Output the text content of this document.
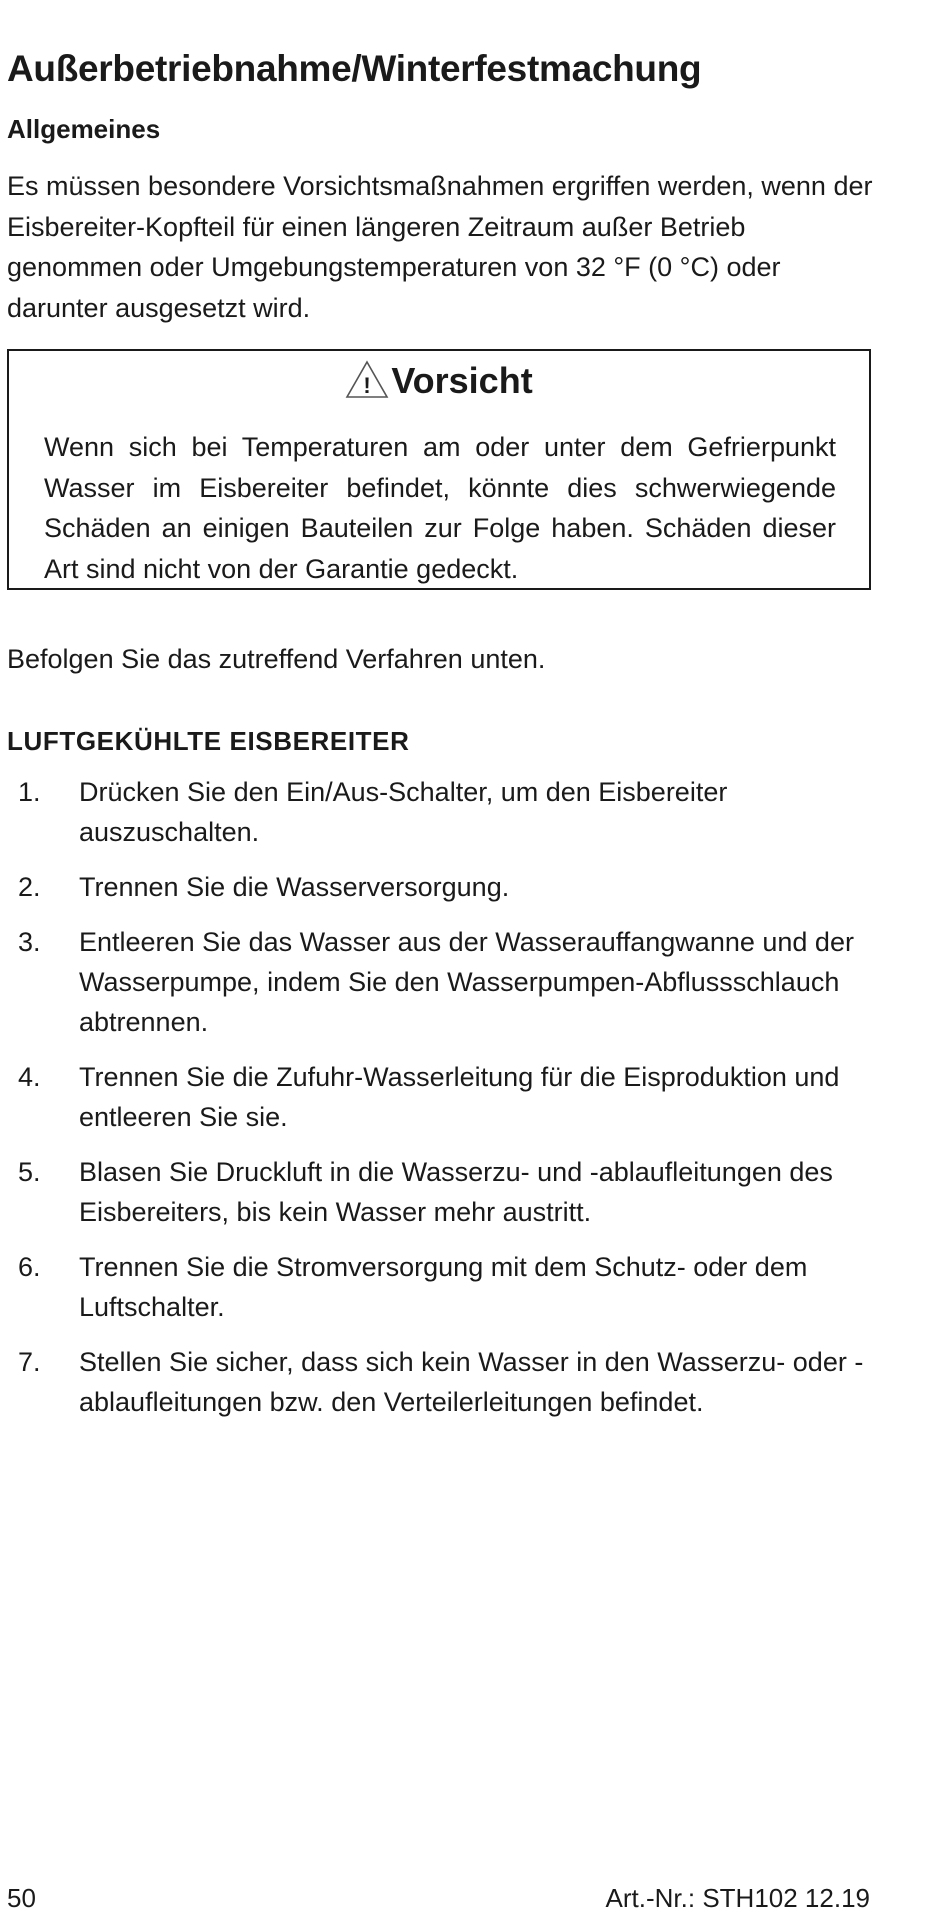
Außerbetriebnahme/Winterfestmachung
Allgemeines
Es müssen besondere Vorsichtsmaßnahmen ergriffen werden, wenn der Eisbereiter-Kopfteil für einen längeren Zeitraum außer Betrieb genommen oder Umgebungstemperaturen von 32 °F (0 °C) oder darunter ausgesetzt wird.
! Vorsicht
Wenn sich bei Temperaturen am oder unter dem Gefrierpunkt Wasser im Eisbereiter befindet, könnte dies schwerwiegende Schäden an einigen Bauteilen zur Folge haben. Schäden dieser Art sind nicht von der Garantie gedeckt.
Befolgen Sie das zutreffend Verfahren unten.
LUFTGEKÜHLTE EISBEREITER
1. Drücken Sie den Ein/Aus-Schalter, um den Eisbereiter auszuschalten.
2. Trennen Sie die Wasserversorgung.
3. Entleeren Sie das Wasser aus der Wasserauffangwanne und der Wasserpumpe, indem Sie den Wasserpumpen-Abflussschlauch abtrennen.
4. Trennen Sie die Zufuhr-Wasserleitung für die Eisproduktion und entleeren Sie sie.
5. Blasen Sie Druckluft in die Wasserzu- und -ablaufleitungen des Eisbereiters, bis kein Wasser mehr austritt.
6. Trennen Sie die Stromversorgung mit dem Schutz- oder dem Luftschalter.
7. Stellen Sie sicher, dass sich kein Wasser in den Wasserzu- oder -ablaufleitungen bzw. den Verteilerleitungen befindet.
50	Art.-Nr.: STH102 12.19
